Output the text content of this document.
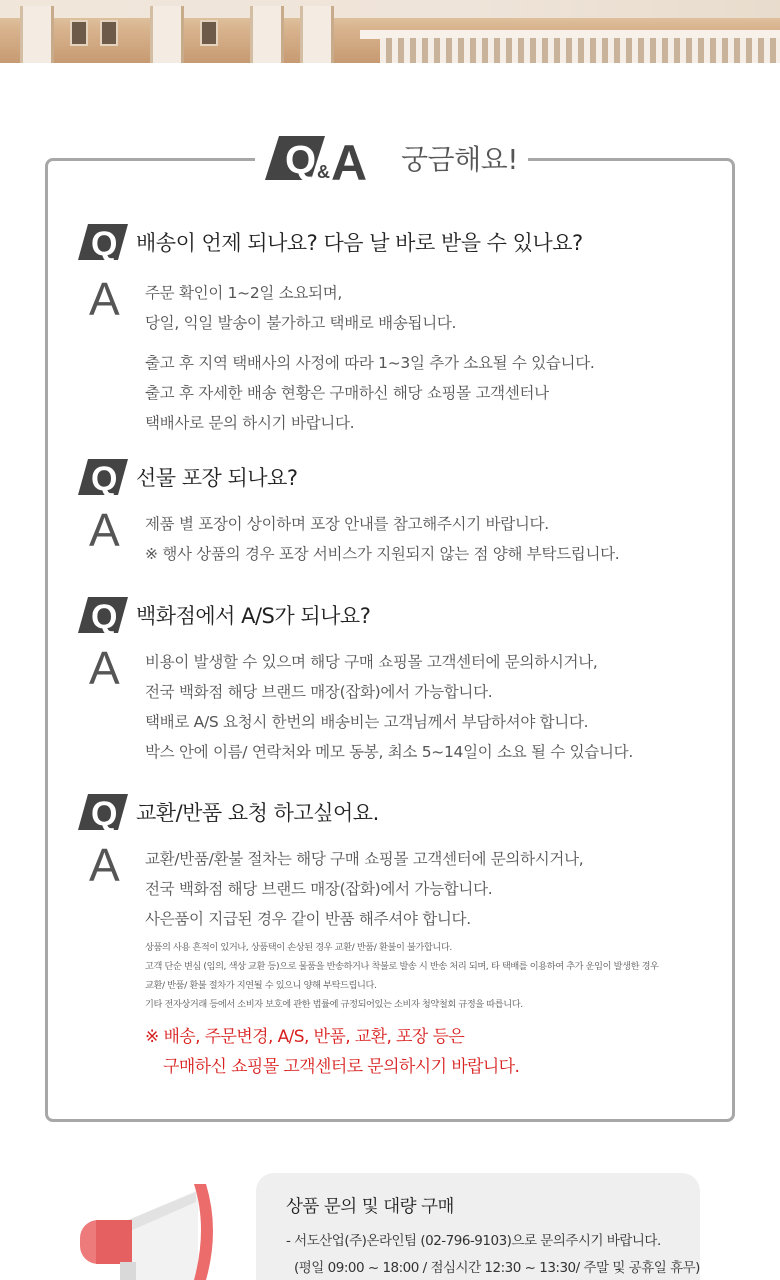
Q & A 궁금해요!
Q 배송이 언제 되나요? 다음 날 바로 받을 수 있나요?
A 주문 확인이 1~2일 소요되며,
당일, 익일 발송이 불가하고 택배로 배송됩니다.
출고 후 지역 택배사의 사정에 따라 1~3일 추가 소요될 수 있습니다.
출고 후 자세한 배송 현황은 구매하신 해당 쇼핑몰 고객센터나
택배사로 문의 하시기 바랍니다.
Q 선물 포장 되나요?
A 제품 별 포장이 상이하며 포장 안내를 참고해주시기 바랍니다.
※ 행사 상품의 경우 포장 서비스가 지원되지 않는 점 양해 부탁드립니다.
Q 백화점에서 A/S가 되나요?
A 비용이 발생할 수 있으며 해당 구매 쇼핑몰 고객센터에 문의하시거나,
전국 백화점 해당 브랜드 매장(잡화)에서 가능합니다.
택배로 A/S 요청시 한번의 배송비는 고객님께서 부담하셔야 합니다.
박스 안에 이름/ 연락처와 메모 동봉, 최소 5~14일이 소요 될 수 있습니다.
Q 교환/반품 요청 하고싶어요.
A 교환/반품/환불 절차는 해당 구매 쇼핑몰 고객센터에 문의하시거나,
전국 백화점 해당 브랜드 매장(잡화)에서 가능합니다.
사은품이 지급된 경우 같이 반품 해주셔야 합니다.
상품의 사용 흔적이 있거나, 상품택이 손상된 경우 교환/ 반품/ 환불이 불가합니다.
고객 단순 변심 (임의, 색상 교환 등)으로 물품을 반송하거나 착불로 발송 시 반송 처리 되며, 타 택배를 이용하여 추가 운임이 발생한 경우
교환/ 반품/ 환불 절차가 지연될 수 있으니 양해 부탁드립니다.
기타 전자상거래 등에서 소비자 보호에 관한 법률에 규정되어있는 소비자 청약철회 규정을 따릅니다.
※ 배송, 주문변경, A/S, 반품, 교환, 포장 등은
구매하신 쇼핑몰 고객센터로 문의하시기 바랍니다.
상품 문의 및 대량 구매
- 서도산업(주)온라인팀 (02-796-9103)으로 문의주시기 바랍니다.
(평일 09:00 ~ 18:00 / 점심시간 12:30 ~ 13:30/ 주말 및 공휴일 휴무)
